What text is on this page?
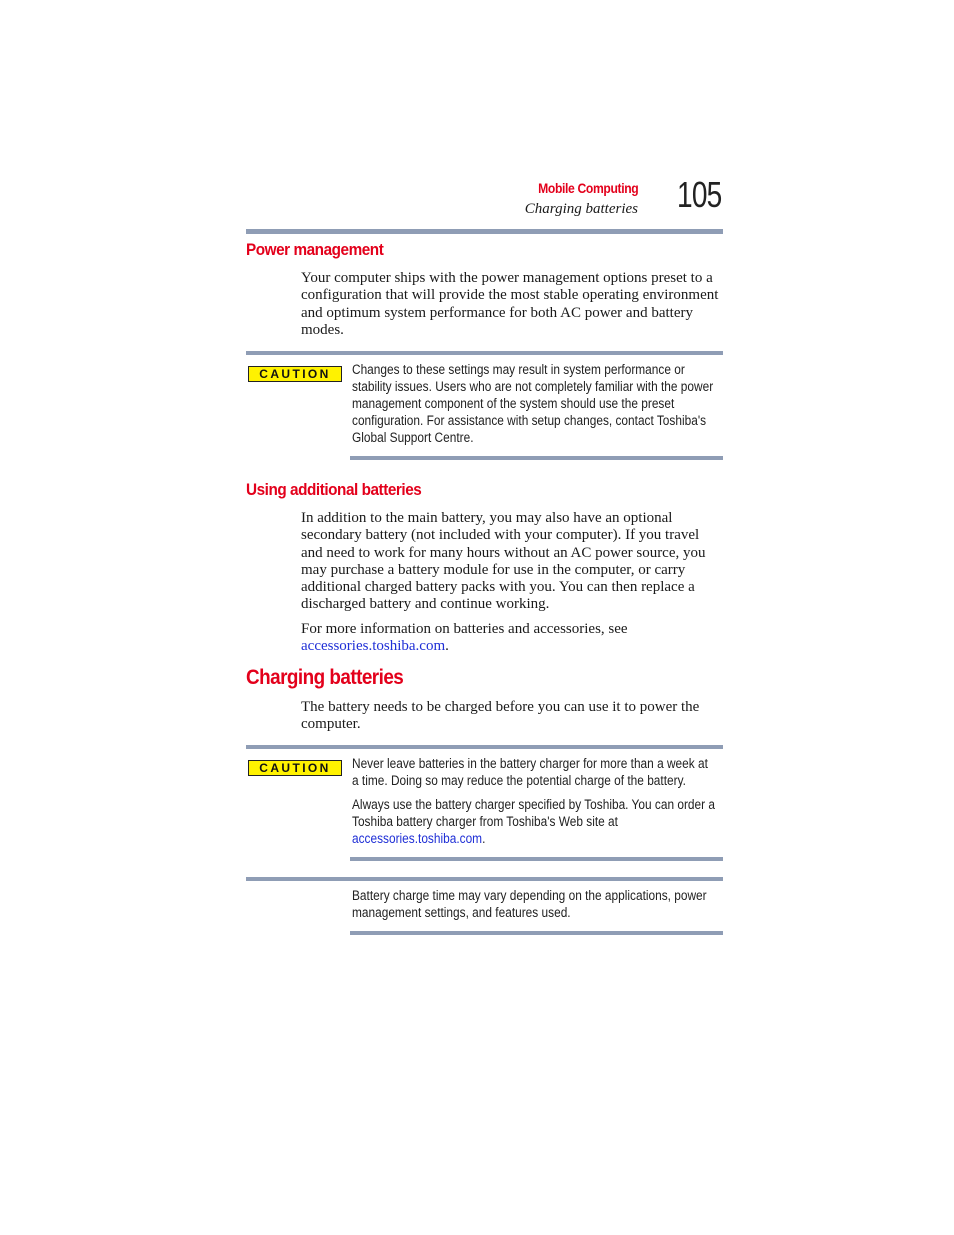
Mobile Computing
Charging batteries 105
Power management
Your computer ships with the power management options preset to a configuration that will provide the most stable operating environment and optimum system performance for both AC power and battery modes.
CAUTION	Changes to these settings may result in system performance or stability issues. Users who are not completely familiar with the power management component of the system should use the preset configuration. For assistance with setup changes, contact Toshiba's Global Support Centre.
Using additional batteries
In addition to the main battery, you may also have an optional secondary battery (not included with your computer). If you travel and need to work for many hours without an AC power source, you may purchase a battery module for use in the computer, or carry additional charged battery packs with you. You can then replace a discharged battery and continue working.
For more information on batteries and accessories, see accessories.toshiba.com.
Charging batteries
The battery needs to be charged before you can use it to power the computer.
CAUTION	Never leave batteries in the battery charger for more than a week at a time. Doing so may reduce the potential charge of the battery.
Always use the battery charger specified by Toshiba. You can order a Toshiba battery charger from Toshiba's Web site at
accessories.toshiba.com.
Battery charge time may vary depending on the applications, power management settings, and features used.
